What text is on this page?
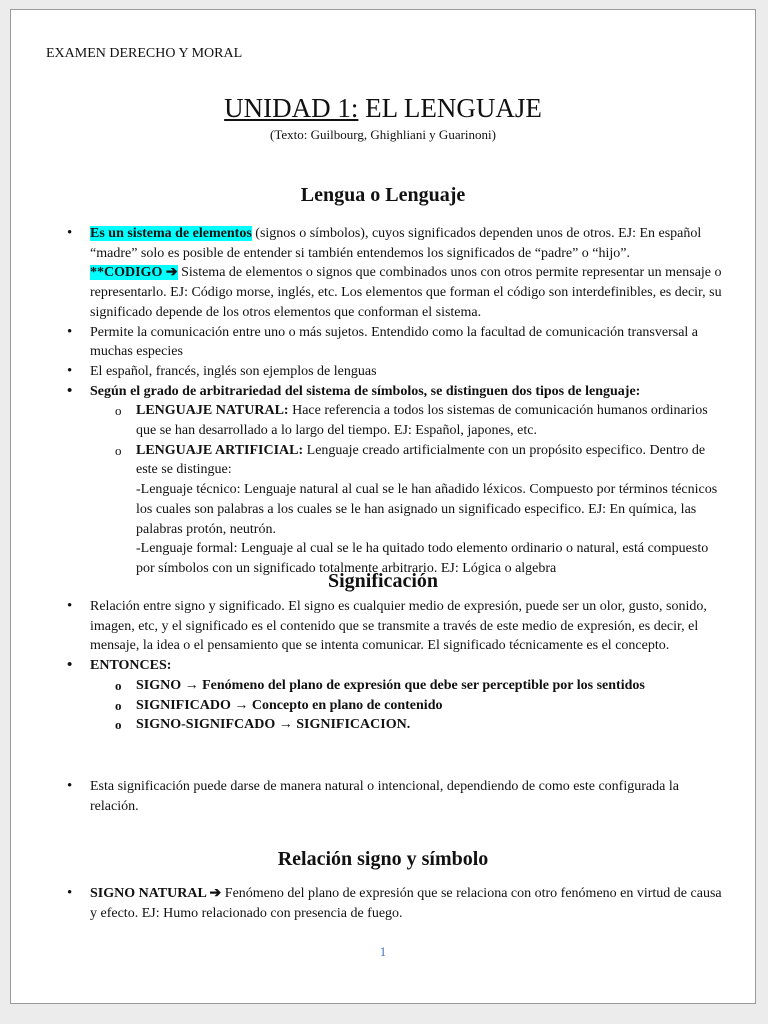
EXAMEN DERECHO Y MORAL
UNIDAD 1: EL LENGUAJE
(Texto: Guilbourg, Ghighliani y Guarinoni)
Lengua o Lenguaje
• Es un sistema de elementos (signos o símbolos), cuyos significados dependen unos de otros. EJ: En español “madre” solo es posible de entender si también entendemos los significados de “padre” o “hijo”.
**CODIGO ➔ Sistema de elementos o signos que combinados unos con otros permite representar un mensaje o representarlo. EJ: Código morse, inglés, etc. Los elementos que forman el código son interdefinibles, es decir, su significado depende de los otros elementos que conforman el sistema.
• Permite la comunicación entre uno o más sujetos. Entendido como la facultad de comunicación transversal a muchas especies
• El español, francés, inglés son ejemplos de lenguas
• Según el grado de arbitrariedad del sistema de símbolos, se distinguen dos tipos de lenguaje:
o LENGUAJE NATURAL: Hace referencia a todos los sistemas de comunicación humanos ordinarios que se han desarrollado a lo largo del tiempo. EJ: Español, japones, etc.
o LENGUAJE ARTIFICIAL: Lenguaje creado artificialmente con un propósito especifico. Dentro de este se distingue:
-Lenguaje técnico: Lenguaje natural al cual se le han añadido léxicos. Compuesto por términos técnicos los cuales son palabras a los cuales se le han asignado un significado especifico. EJ: En química, las palabras protón, neutrón.
-Lenguaje formal: Lenguaje al cual se le ha quitado todo elemento ordinario o natural, está compuesto por símbolos con un significado totalmente arbitrario. EJ: Lógica o algebra
Significación
• Relación entre signo y significado. El signo es cualquier medio de expresión, puede ser un olor, gusto, sonido, imagen, etc, y el significado es el contenido que se transmite a través de este medio de expresión, es decir, el mensaje, la idea o el pensamiento que se intenta comunicar. El significado técnicamente es el concepto.
• ENTONCES:
o SIGNO → Fenómeno del plano de expresión que debe ser perceptible por los sentidos
o SIGNIFICADO → Concepto en plano de contenido
o SIGNO-SIGNIFCADO → SIGNIFICACION.
• Esta significación puede darse de manera natural o intencional, dependiendo de como este configurada la relación.
Relación signo y símbolo
• SIGNO NATURAL ➔ Fenómeno del plano de expresión que se relaciona con otro fenómeno en virtud de causa y efecto. EJ: Humo relacionado con presencia de fuego.
1
